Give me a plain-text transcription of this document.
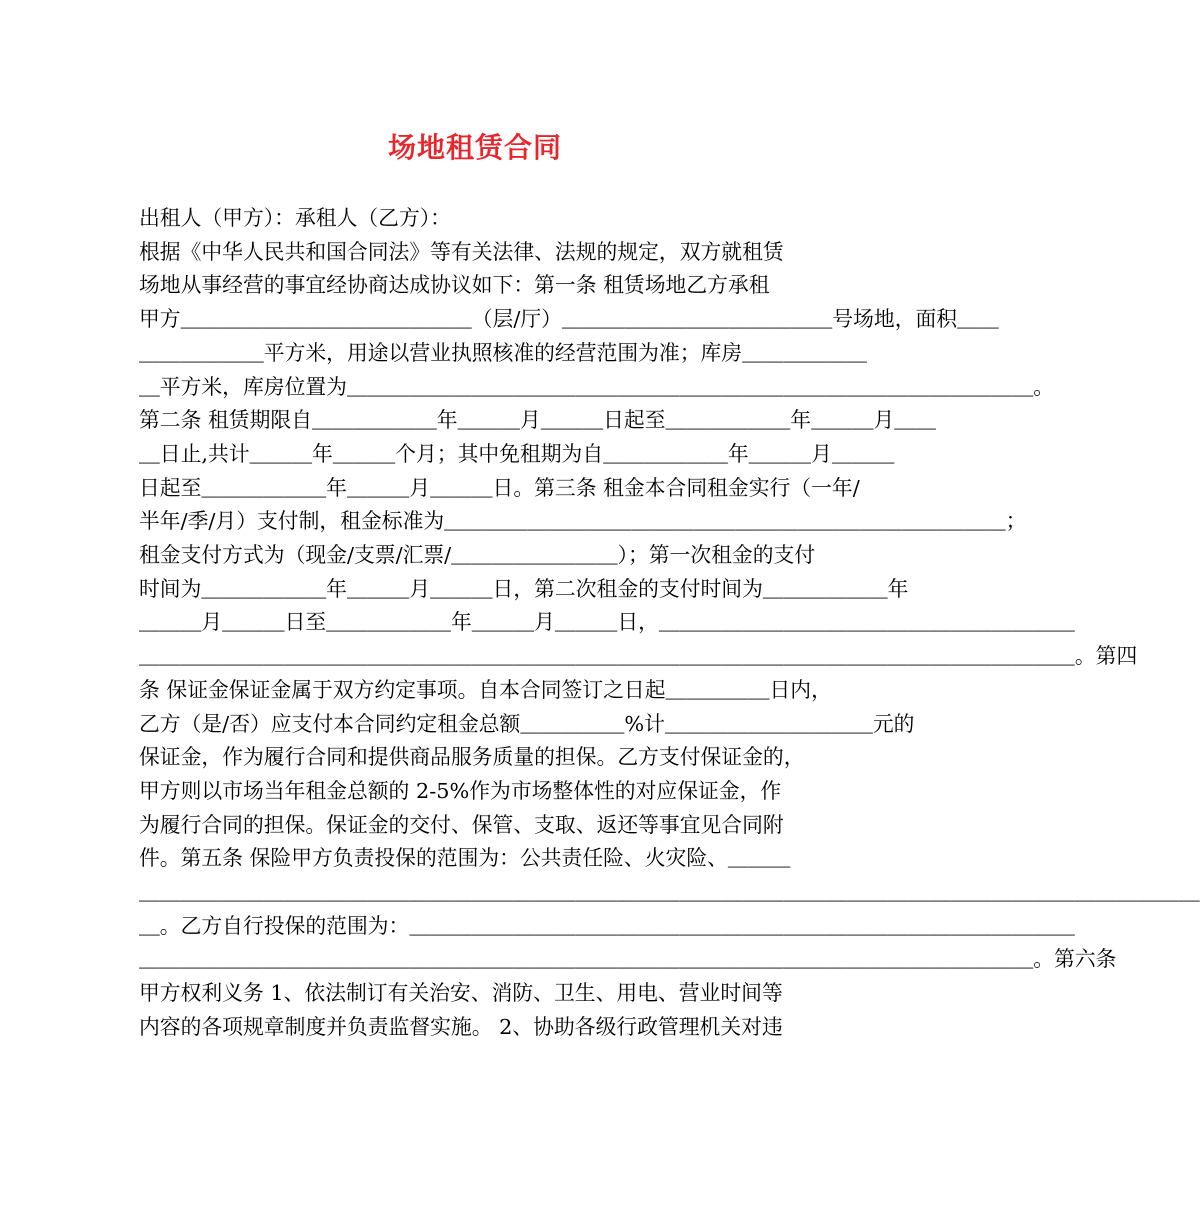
场地租赁合同
出租人（甲方）：承租人（乙方）：
根据《中华人民共和国合同法》等有关法律、法规的规定，双方就租赁
场地从事经营的事宜经协商达成协议如下：第一条 租赁场地乙方承租
甲方＿＿＿＿＿＿＿＿＿＿＿＿＿＿（层/厅）＿＿＿＿＿＿＿＿＿＿＿＿＿号场地，面积＿＿
＿＿＿＿＿＿平方米，用途以营业执照核准的经营范围为准；库房＿＿＿＿＿＿
＿平方米，库房位置为＿＿＿＿＿＿＿＿＿＿＿＿＿＿＿＿＿＿＿＿＿＿＿＿＿＿＿＿＿＿＿＿＿。
第二条 租赁期限自＿＿＿＿＿＿年＿＿＿月＿＿＿日起至＿＿＿＿＿＿年＿＿＿月＿＿
＿日止,共计＿＿＿年＿＿＿个月；其中免租期为自＿＿＿＿＿＿年＿＿＿月＿＿＿
日起至＿＿＿＿＿＿年＿＿＿月＿＿＿日。第三条 租金本合同租金实行（一年/
半年/季/月）支付制，租金标准为＿＿＿＿＿＿＿＿＿＿＿＿＿＿＿＿＿＿＿＿＿＿＿＿＿＿＿；
租金支付方式为（现金/支票/汇票/＿＿＿＿＿＿＿＿）；第一次租金的支付
时间为＿＿＿＿＿＿年＿＿＿月＿＿＿日，第二次租金的支付时间为＿＿＿＿＿＿年
＿＿＿月＿＿＿日至＿＿＿＿＿＿年＿＿＿月＿＿＿日，＿＿＿＿＿＿＿＿＿＿＿＿＿＿＿＿＿＿＿＿
＿＿＿＿＿＿＿＿＿＿＿＿＿＿＿＿＿＿＿＿＿＿＿＿＿＿＿＿＿＿＿＿＿＿＿＿＿＿＿＿＿＿＿＿＿。第四
条 保证金保证金属于双方约定事项。自本合同签订之日起＿＿＿＿＿日内，
乙方（是/否）应支付本合同约定租金总额＿＿＿＿＿%计＿＿＿＿＿＿＿＿＿＿元的
保证金，作为履行合同和提供商品服务质量的担保。乙方支付保证金的，
甲方则以市场当年租金总额的 2-5%作为市场整体性的对应保证金，作
为履行合同的担保。保证金的交付、保管、支取、返还等事宜见合同附
件。第五条 保险甲方负责投保的范围为：公共责任险、火灾险、＿＿＿
＿＿＿＿＿＿＿＿＿＿＿＿＿＿＿＿＿＿＿＿＿＿＿＿＿＿＿＿＿＿＿＿＿＿＿＿＿＿＿＿＿＿＿＿＿＿＿＿＿＿＿
＿。乙方自行投保的范围为：＿＿＿＿＿＿＿＿＿＿＿＿＿＿＿＿＿＿＿＿＿＿＿＿＿＿＿＿＿＿＿＿
＿＿＿＿＿＿＿＿＿＿＿＿＿＿＿＿＿＿＿＿＿＿＿＿＿＿＿＿＿＿＿＿＿＿＿＿＿＿＿＿＿＿＿。第六条
甲方权利义务 1、依法制订有关治安、消防、卫生、用电、营业时间等
内容的各项规章制度并负责监督实施。 2、协助各级行政管理机关对违
